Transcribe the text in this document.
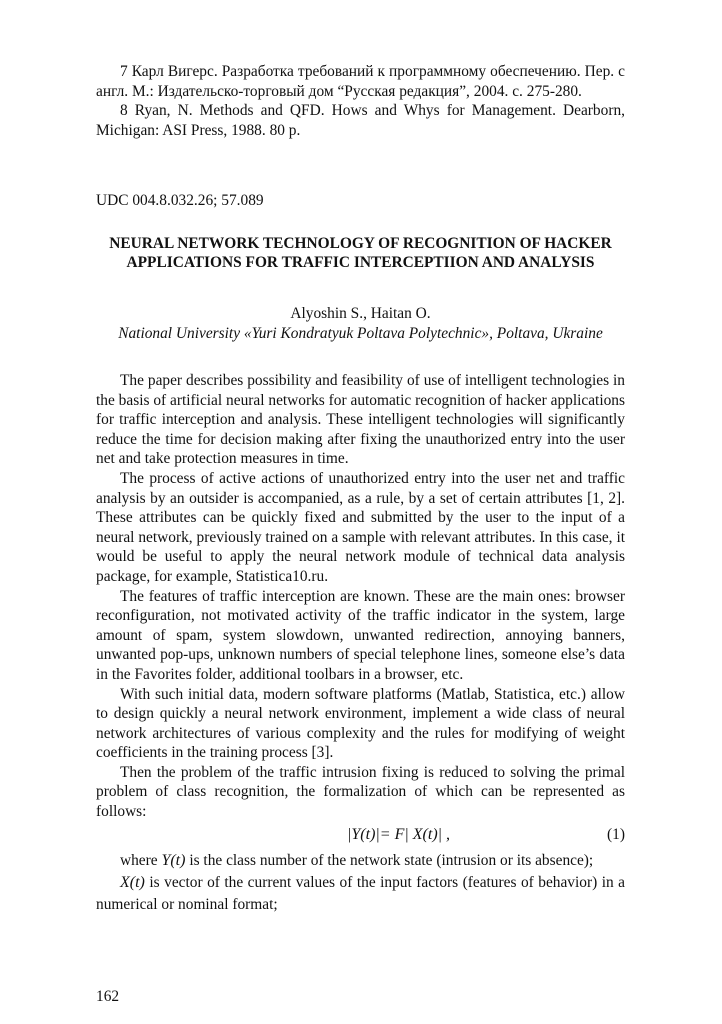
7 Карл Вигерс. Разработка требований к программному обеспечению. Пер. с англ. М.: Издательско-торговый дом “Русская редакция”, 2004. с. 275-280.

8 Ryan, N. Methods and QFD. Hows and Whys for Management. Dearborn, Michigan: ASI Press, 1988. 80 p.

UDC 004.8.032.26; 57.089

NEURAL NETWORK TECHNOLOGY OF RECOGNITION OF HACKER APPLICATIONS FOR TRAFFIC INTERCEPTIION AND ANALYSIS

Alyoshin S., Haitan O.

National University «Yuri Kondratyuk Poltava Polytechnic», Poltava, Ukraine

The paper describes possibility and feasibility of use of intelligent technologies in the basis of artificial neural networks for automatic recognition of hacker applications for traffic interception and analysis. These intelligent technologies will significantly reduce the time for decision making after fixing the unauthorized entry into the user net and take protection measures in time.

The process of active actions of unauthorized entry into the user net and traffic analysis by an outsider is accompanied, as a rule, by a set of certain attributes [1, 2]. These attributes can be quickly fixed and submitted by the user to the input of a neural network, previously trained on a sample with relevant attributes. In this case, it would be useful to apply the neural network module of technical data analysis package, for example, Statistica10.ru.

The features of traffic interception are known. These are the main ones: browser reconfiguration, not motivated activity of the traffic indicator in the system, large amount of spam, system slowdown, unwanted redirection, annoying banners, unwanted pop-ups, unknown numbers of special telephone lines, someone else’s data in the Favorites folder, additional toolbars in a browser, etc.

With such initial data, modern software platforms (Matlab, Statistica, etc.) allow to design quickly a neural network environment, implement a wide class of neural network architectures of various complexity and the rules for modifying of weight coefficients in the training process [3].

Then the problem of the traffic intrusion fixing is reduced to solving the primal problem of class recognition, the formalization of which can be represented as follows:

|Y(t)|= F| X(t)| ,	(1)

where Y(t) is the class number of the network state (intrusion or its absence);

X(t) is vector of the current values of the input factors (features of behavior) in a numerical or nominal format;

162
